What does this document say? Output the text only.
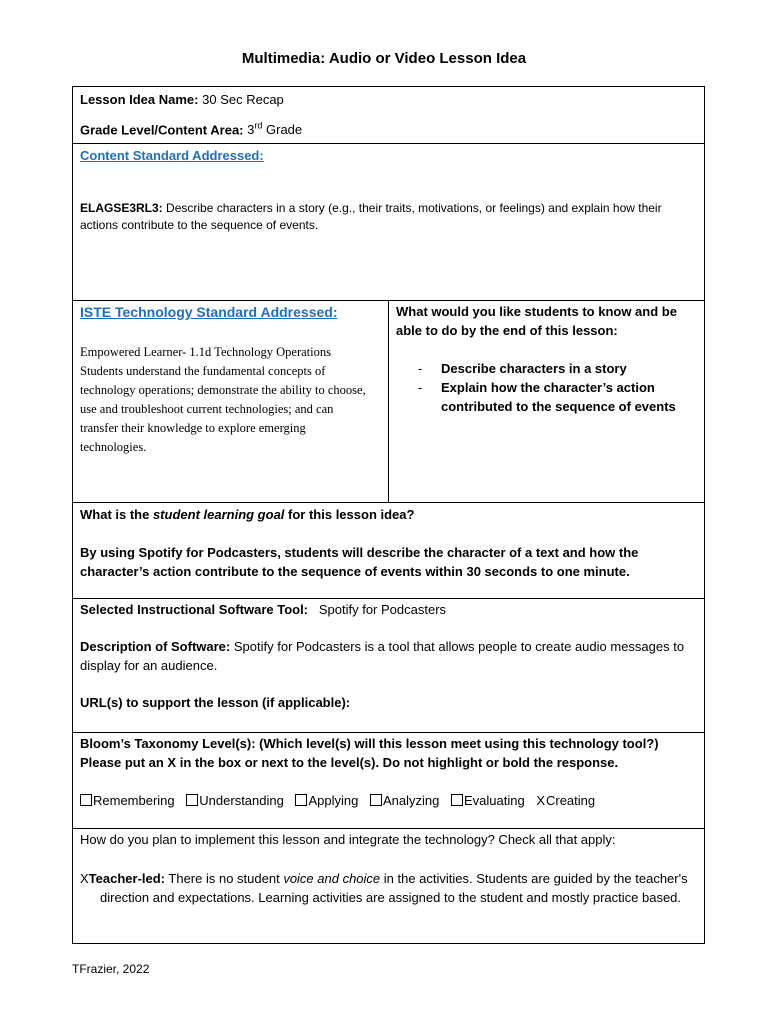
Multimedia: Audio or Video Lesson Idea
Lesson Idea Name: 30 Sec Recap
Grade Level/Content Area: 3rd Grade
Content Standard Addressed:
ELAGSE3RL3: Describe characters in a story (e.g., their traits, motivations, or feelings) and explain how their actions contribute to the sequence of events.
ISTE Technology Standard Addressed:
Empowered Learner- 1.1d Technology Operations
Students understand the fundamental concepts of technology operations; demonstrate the ability to choose, use and troubleshoot current technologies; and can transfer their knowledge to explore emerging technologies.
What would you like students to know and be able to do by the end of this lesson:
- Describe characters in a story
- Explain how the character’s action contributed to the sequence of events
What is the student learning goal for this lesson idea?
By using Spotify for Podcasters, students will describe the character of a text and how the character’s action contribute to the sequence of events within 30 seconds to one minute.
Selected Instructional Software Tool: Spotify for Podcasters
Description of Software: Spotify for Podcasters is a tool that allows people to create audio messages to display for an audience.
URL(s) to support the lesson (if applicable):
Bloom’s Taxonomy Level(s): (Which level(s) will this lesson meet using this technology tool?) Please put an X in the box or next to the level(s). Do not highlight or bold the response.
Remembering Understanding Applying Analyzing Evaluating XCreating
How do you plan to implement this lesson and integrate the technology? Check all that apply:
XTeacher-led: There is no student voice and choice in the activities. Students are guided by the teacher's direction and expectations. Learning activities are assigned to the student and mostly practice based.
TFrazier, 2022
